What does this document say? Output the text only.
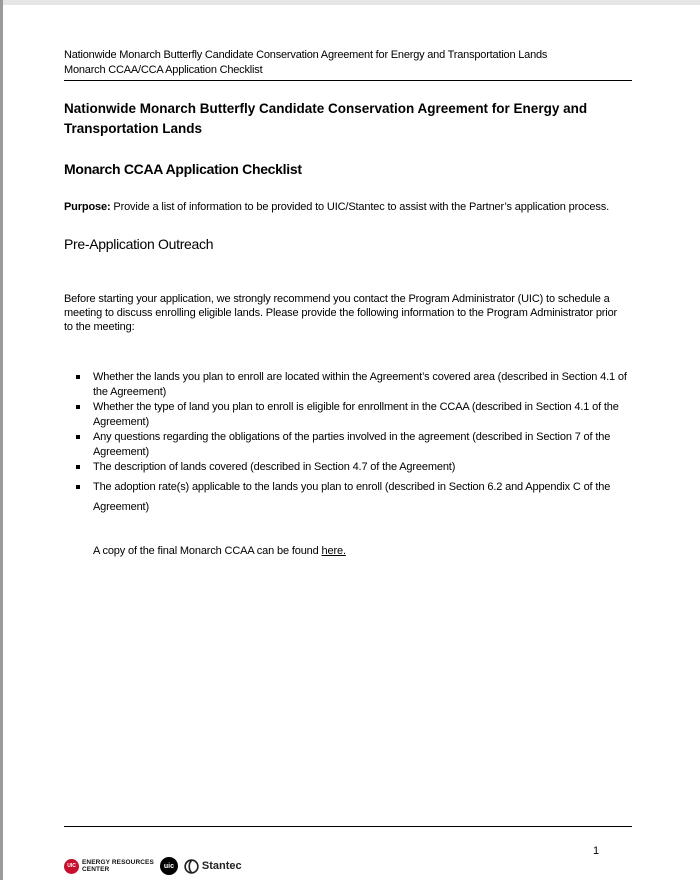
Nationwide Monarch Butterfly Candidate Conservation Agreement for Energy and Transportation Lands
Monarch CCAA/CCA Application Checklist
Nationwide Monarch Butterfly Candidate Conservation Agreement for Energy and Transportation Lands
Monarch CCAA Application Checklist
Purpose: Provide a list of information to be provided to UIC/Stantec to assist with the Partner’s application process.
Pre-Application Outreach
Before starting your application, we strongly recommend you contact the Program Administrator (UIC) to schedule a meeting to discuss enrolling eligible lands. Please provide the following information to the Program Administrator prior to the meeting:
Whether the lands you plan to enroll are located within the Agreement’s covered area (described in Section 4.1 of the Agreement)
Whether the type of land you plan to enroll is eligible for enrollment in the CCAA (described in Section 4.1 of the Agreement)
Any questions regarding the obligations of the parties involved in the agreement (described in Section 7 of the Agreement)
The description of lands covered (described in Section 4.7 of the Agreement)
The adoption rate(s) applicable to the lands you plan to enroll (described in Section 6.2 and Appendix C of the Agreement)
A copy of the final Monarch CCAA can be found here.
1
UIC ENERGY RESOURCES
CENTER	uic	Stantec
